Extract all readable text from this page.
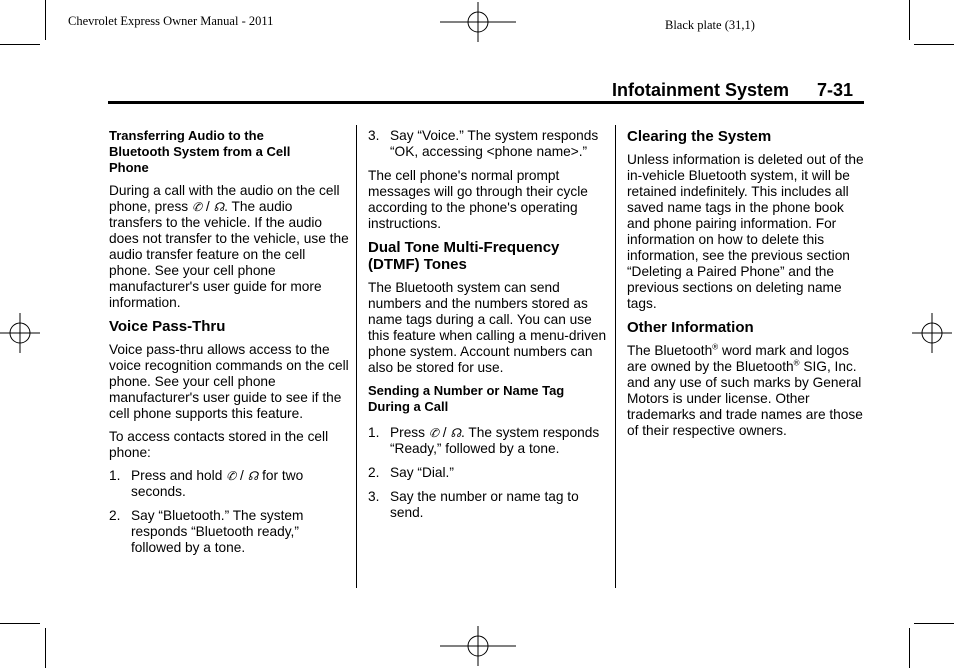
Chevrolet Express Owner Manual - 2011	Black plate (31,1)
Infotainment System 7-31

Transferring Audio to the Bluetooth System from a Cell Phone

During a call with the audio on the cell phone, press ✆ / ☊. The audio transfers to the vehicle. If the audio does not transfer to the vehicle, use the audio transfer feature on the cell phone. See your cell phone manufacturer's user guide for more information.

Voice Pass-Thru

Voice pass-thru allows access to the voice recognition commands on the cell phone. See your cell phone manufacturer's user guide to see if the cell phone supports this feature.

To access contacts stored in the cell phone:

1. Press and hold ✆ / ☊ for two seconds.
2. Say “Bluetooth.” The system responds “Bluetooth ready,” followed by a tone.
3. Say “Voice.” The system responds “OK, accessing <phone name>.”

The cell phone's normal prompt messages will go through their cycle according to the phone's operating instructions.

Dual Tone Multi-Frequency (DTMF) Tones

The Bluetooth system can send numbers and the numbers stored as name tags during a call. You can use this feature when calling a menu-driven phone system. Account numbers can also be stored for use.

Sending a Number or Name Tag During a Call

1. Press ✆ / ☊. The system responds “Ready,” followed by a tone.
2. Say “Dial.”
3. Say the number or name tag to send.

Clearing the System

Unless information is deleted out of the in-vehicle Bluetooth system, it will be retained indefinitely. This includes all saved name tags in the phone book and phone pairing information. For information on how to delete this information, see the previous section “Deleting a Paired Phone” and the previous sections on deleting name tags.

Other Information

The Bluetooth® word mark and logos are owned by the Bluetooth® SIG, Inc. and any use of such marks by General Motors is under license. Other trademarks and trade names are those of their respective owners.
